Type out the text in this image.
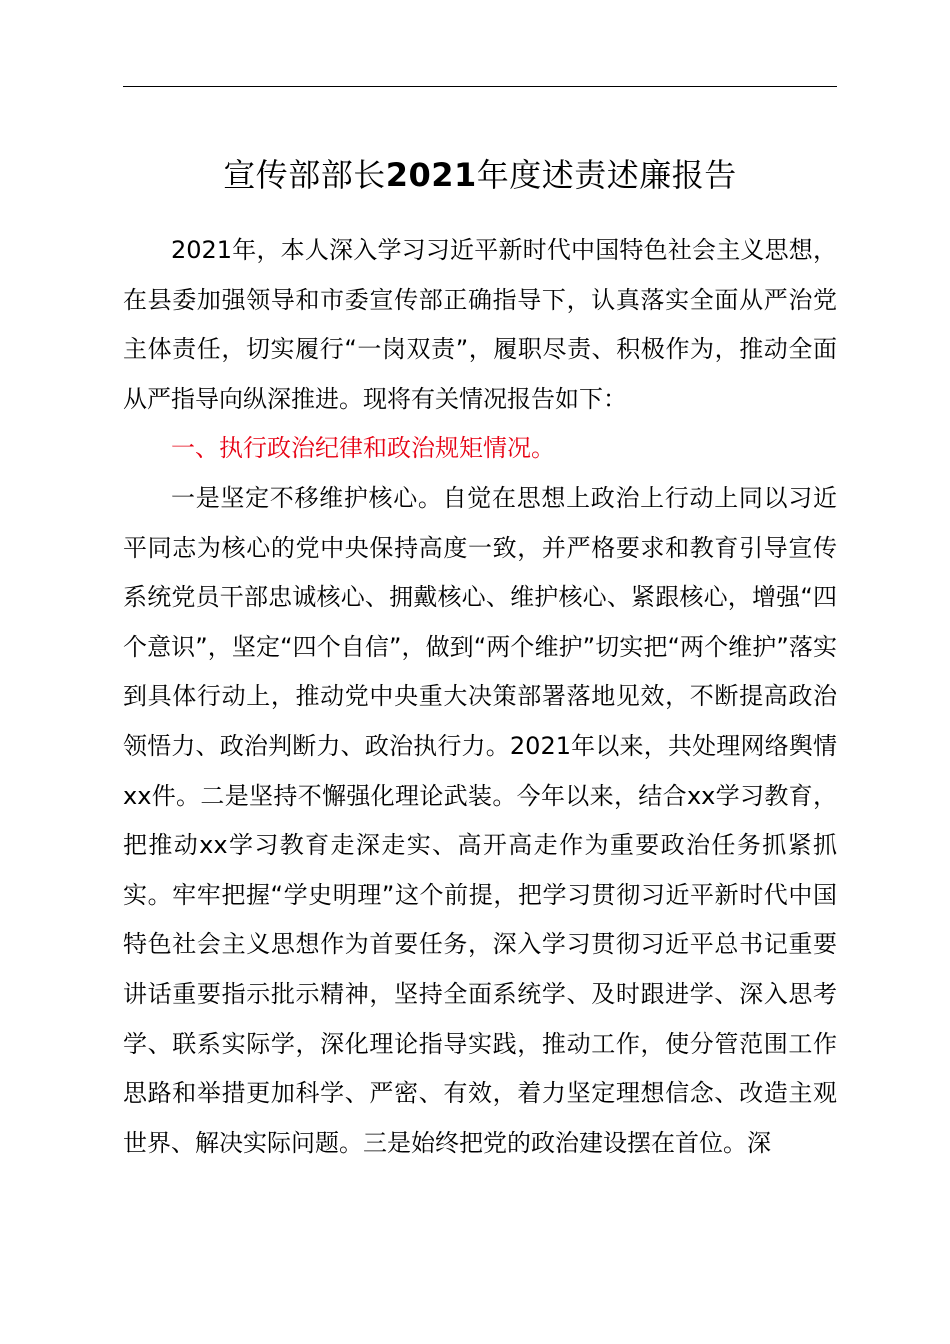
宣传部部长2021年度述责述廉报告

2021年，本人深入学习习近平新时代中国特色社会主义思想，在县委加强领导和市委宣传部正确指导下，认真落实全面从严治党主体责任，切实履行“一岗双责”，履职尽责、积极作为，推动全面从严指导向纵深推进。现将有关情况报告如下：

一、执行政治纪律和政治规矩情况。

一是坚定不移维护核心。自觉在思想上政治上行动上同以习近平同志为核心的党中央保持高度一致，并严格要求和教育引导宣传系统党员干部忠诚核心、拥戴核心、维护核心、紧跟核心，增强“四个意识”，坚定“四个自信”，做到“两个维护”切实把“两个维护”落实到具体行动上，推动党中央重大决策部署落地见效，不断提高政治领悟力、政治判断力、政治执行力。2021年以来，共处理网络舆情xx件。二是坚持不懈强化理论武装。今年以来，结合xx学习教育，把推动xx学习教育走深走实、高开高走作为重要政治任务抓紧抓实。牢牢把握“学史明理”这个前提，把学习贯彻习近平新时代中国特色社会主义思想作为首要任务，深入学习贯彻习近平总书记重要讲话重要指示批示精神，坚持全面系统学、及时跟进学、深入思考学、联系实际学，深化理论指导实践，推动工作，使分管范围工作思路和举措更加科学、严密、有效，着力坚定理想信念、改造主观世界、解决实际问题。三是始终把党的政治建设摆在首位。深
